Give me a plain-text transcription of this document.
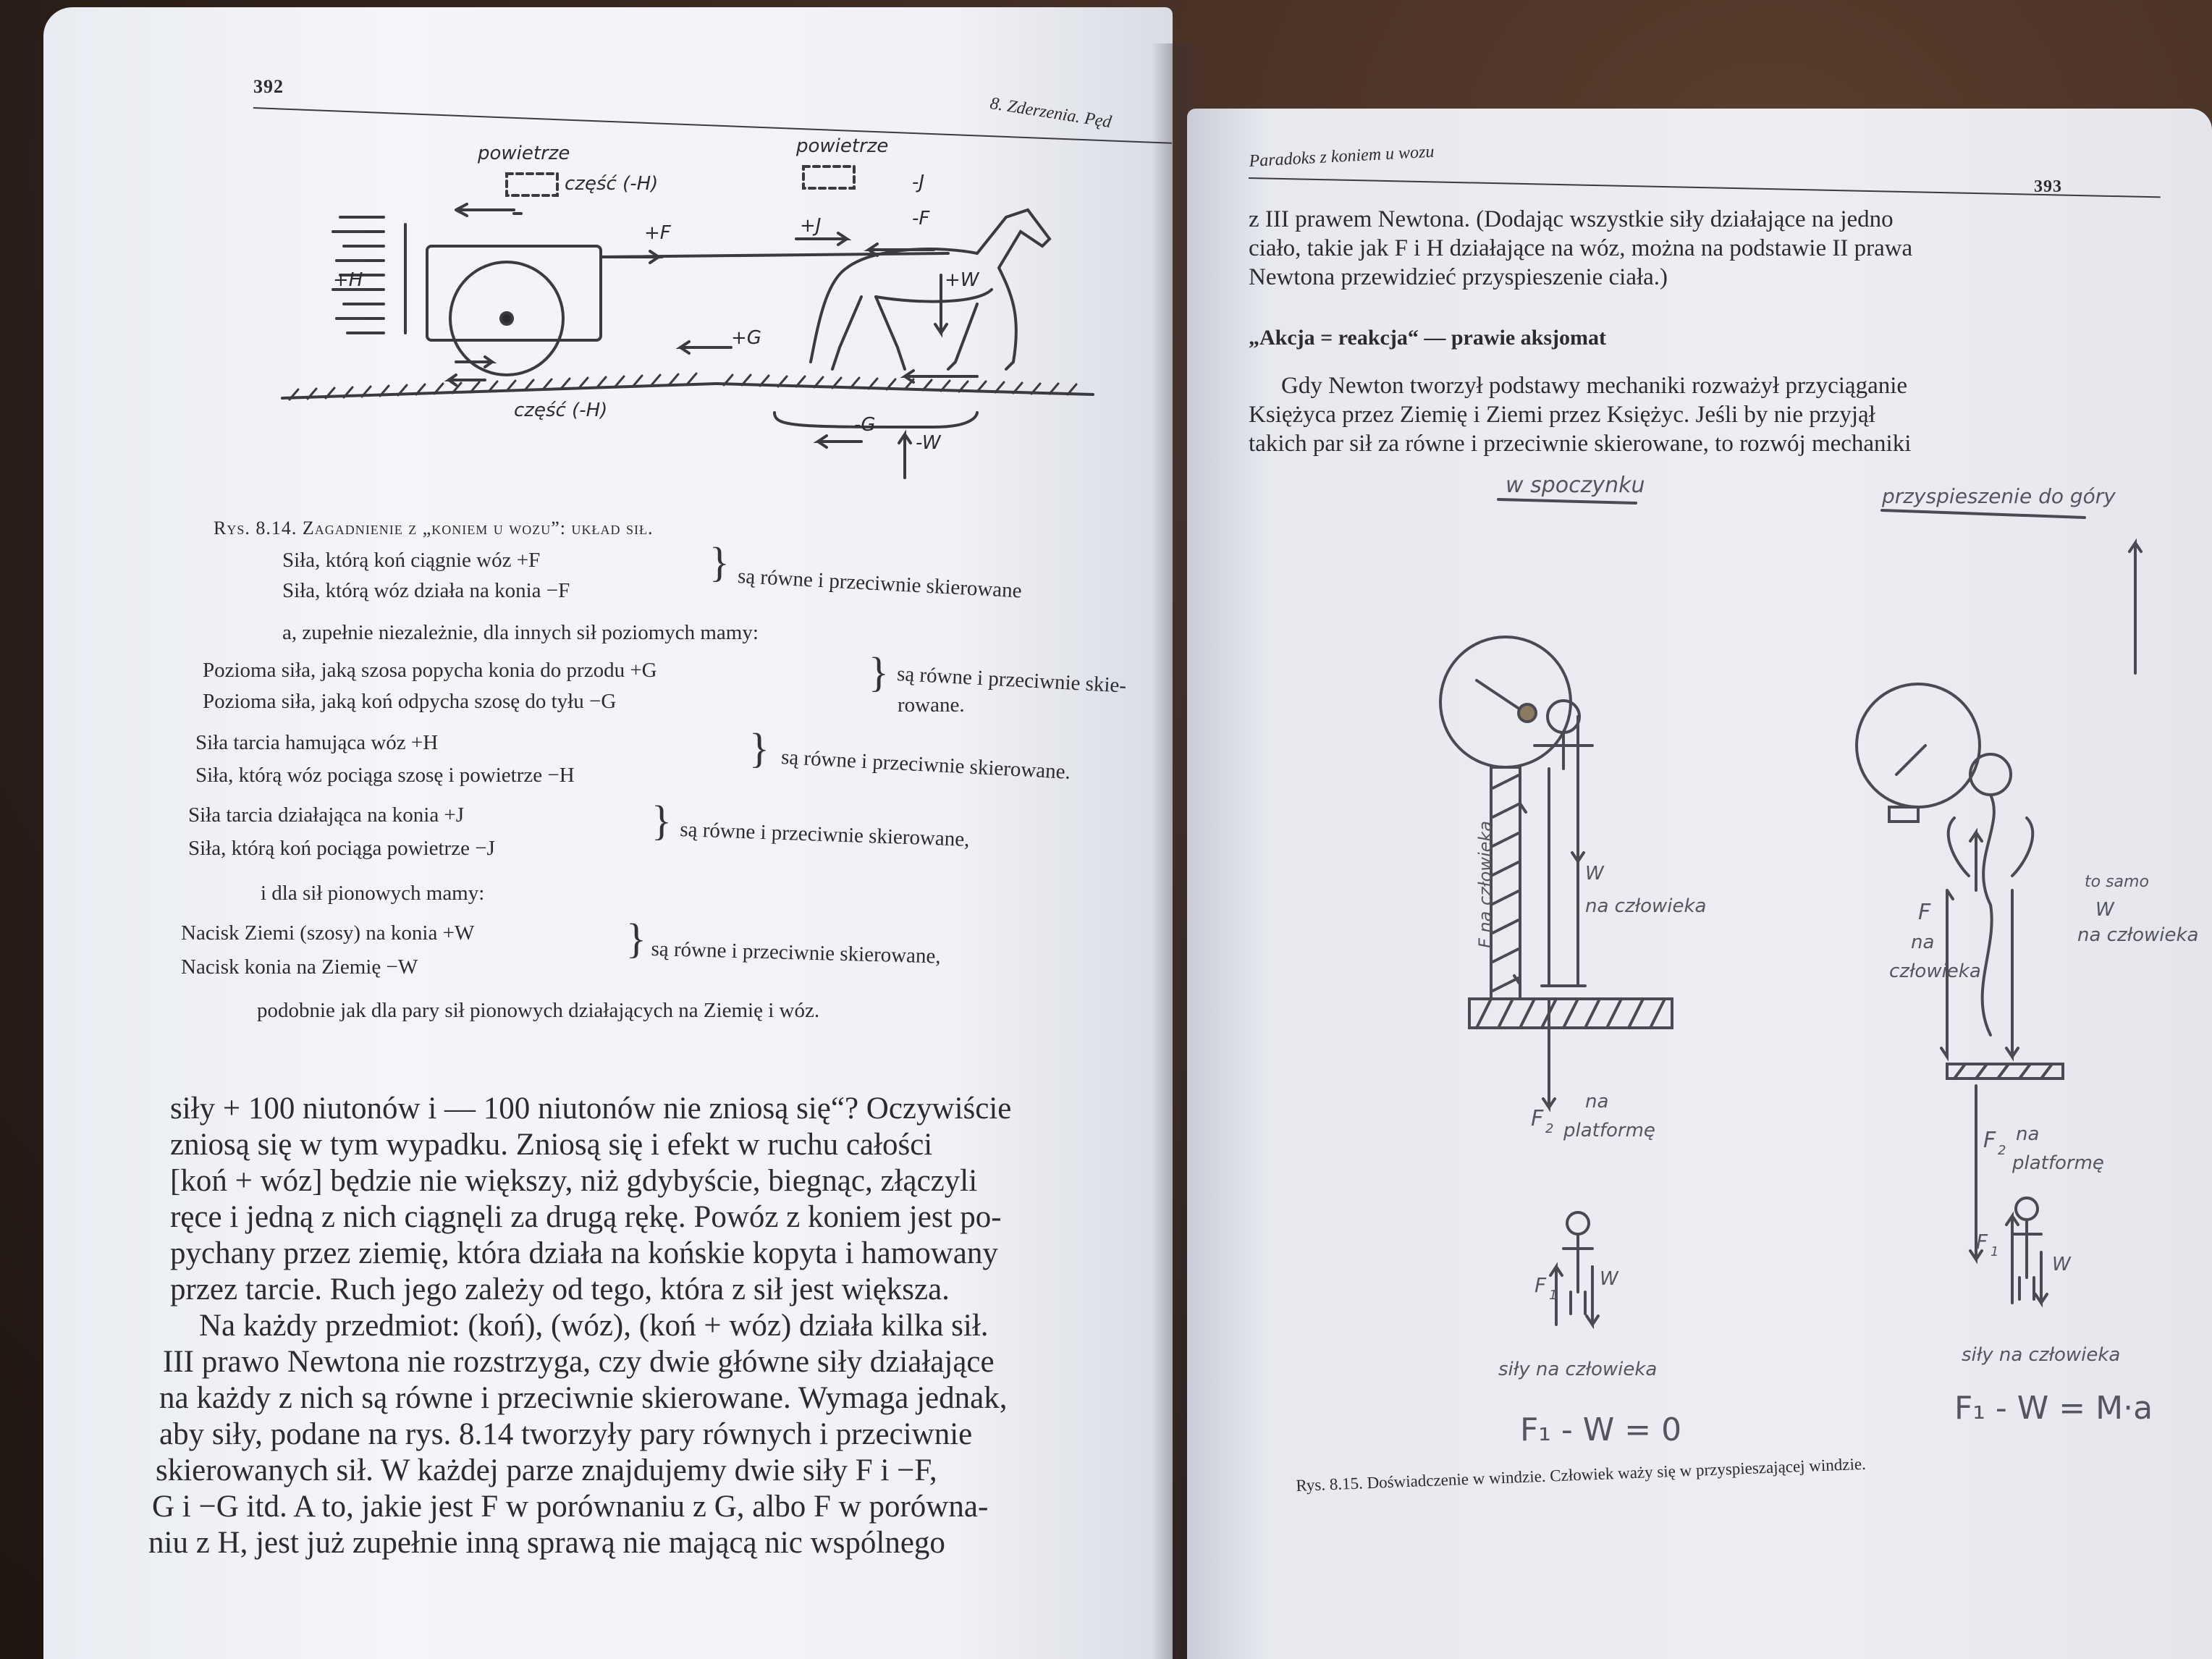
392
8. Zderzenia. Pęd
powietrze
część (-H)
powietrze
-J
+F	+J	-F
+H	+W
+G
część (-H)
-G
-W
Rys. 8.14. Zagadnienie z „koniem u wozu”: układ sił.
Siła, którą koń ciągnie wóz +F
Siła, którą wóz działa na konia −F
} są równe i przeciwnie skierowane
a, zupełnie niezależnie, dla innych sił poziomych mamy:
Pozioma siła, jaką szosa popycha konia do przodu +G
Pozioma siła, jaką koń odpycha szosę do tyłu −G
} są równe i przeciwnie skie-
rowane.
Siła tarcia hamująca wóz +H
Siła, którą wóz pociąga szosę i powietrze −H
} są równe i przeciwnie skierowane.
Siła tarcia działająca na konia +J
Siła, którą koń pociąga powietrze −J
} są równe i przeciwnie skierowane,
i dla sił pionowych mamy:
Nacisk Ziemi (szosy) na konia +W
Nacisk konia na Ziemię −W
} są równe i przeciwnie skierowane,
podobnie jak dla pary sił pionowych działających na Ziemię i wóz.
siły + 100 niutonów i — 100 niutonów nie zniosą się“? Oczywiście
zniosą się w tym wypadku. Zniosą się i efekt w ruchu całości
[koń + wóz] będzie nie większy, niż gdybyście, biegnąc, złączyli
ręce i jedną z nich ciągnęli za drugą rękę. Powóz z koniem jest po-
pychany przez ziemię, która działa na końskie kopyta i hamowany
przez tarcie. Ruch jego zależy od tego, która z sił jest większa.
Na każdy przedmiot: (koń), (wóz), (koń + wóz) działa kilka sił.
III prawo Newtona nie rozstrzyga, czy dwie główne siły działające
na każdy z nich są równe i przeciwnie skierowane. Wymaga jednak,
aby siły, podane na rys. 8.14 tworzyły pary równych i przeciwnie
skierowanych sił. W każdej parze znajdujemy dwie siły F i −F,
G i −G itd. A to, jakie jest F w porównaniu z G, albo F w porówna-
niu z H, jest już zupełnie inną sprawą nie mającą nic wspólnego
Paradoks z koniem u wozu
393
z III prawem Newtona. (Dodając wszystkie siły działające na jedno
ciało, takie jak F i H działające na wóz, można na podstawie II prawa
Newtona przewidzieć przyspieszenie ciała.)
„Akcja = reakcja“ — prawie aksjomat
Gdy Newton tworzył podstawy mechaniki rozważył przyciąganie
Księżyca przez Ziemię i Ziemi przez Księżyc. Jeśli by nie przyjął
takich par sił za równe i przeciwnie skierowane, to rozwój mechaniki
w spoczynku	przyspieszenie do góry
F na człowieka	W
na człowieka
F 2
na
platformę
F
na
człowieka
to samo
W
na człowieka
F 2
na
platformę
F 1
W
F 1
W
siły na człowieka
siły na człowieka
F₁ - W = 0
F₁ - W = M·a
Rys. 8.15. Doświadczenie w windzie. Człowiek waży się w przyspieszającej windzie.
